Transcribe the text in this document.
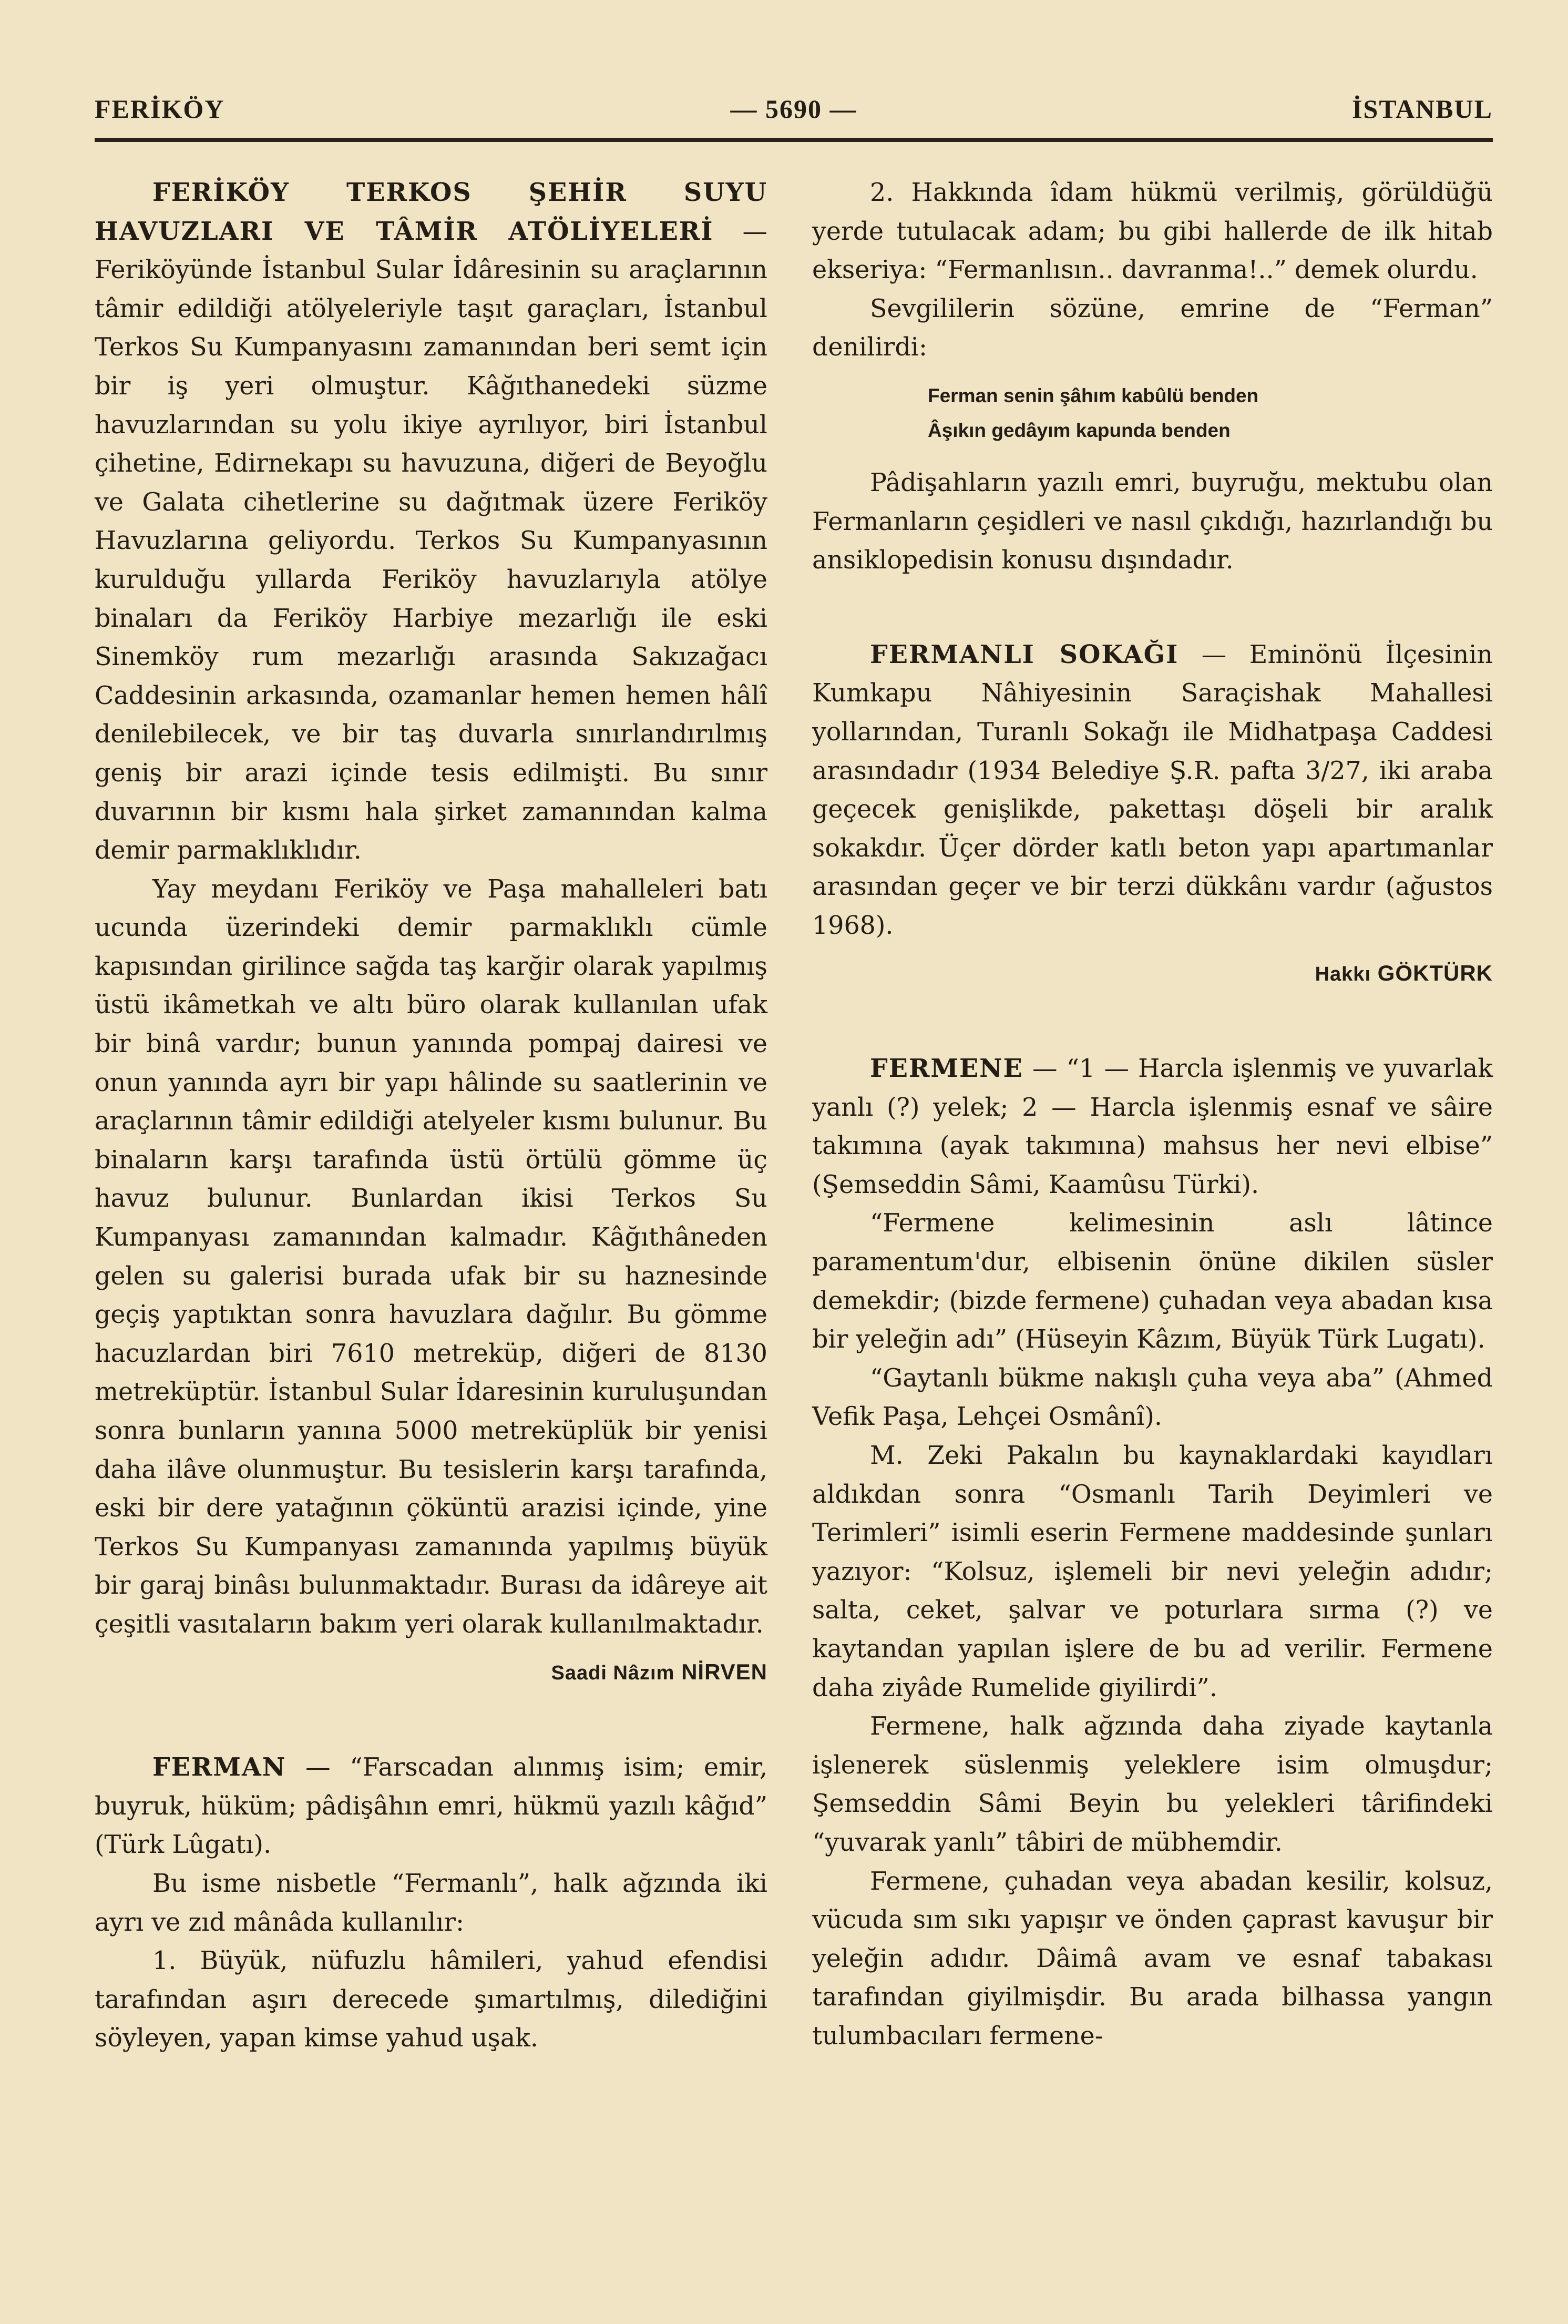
FERİKÖY	— 5690 —	İSTANBUL

FERİKÖY TERKOS ŞEHİR SUYU HAVUZLARI VE TÂMİR ATÖLİYELERİ — Feriköyünde İstanbul Sular İdâresinin su araçlarının tâmir edildiği atölyeleriyle taşıt garaçları, İstanbul Terkos Su Kumpanyasını zamanından beri semt için bir iş yeri olmuştur. Kâğıthanedeki süzme havuzlarından su yolu ikiye ayrılıyor, biri İstanbul çihetine, Edirnekapı su havuzuna, diğeri de Beyoğlu ve Galata cihetlerine su dağıtmak üzere Feriköy Havuzlarına geliyordu. Terkos Su Kumpanyasının kurulduğu yıllarda Feriköy havuzlarıyla atölye binaları da Feriköy Harbiye mezarlığı ile eski Sinemköy rum mezarlığı arasında Sakızağacı Caddesinin arkasında, ozamanlar hemen hemen hâlî denilebilecek, ve bir taş duvarla sınırlandırılmış geniş bir arazi içinde tesis edilmişti. Bu sınır duvarının bir kısmı hala şirket zamanından kalma demir parmaklıklıdır.

Yay meydanı Feriköy ve Paşa mahalleleri batı ucunda üzerindeki demir parmaklıklı cümle kapısından girilince sağda taş karğir olarak yapılmış üstü ikâmetkah ve altı büro olarak kullanılan ufak bir binâ vardır; bunun yanında pompaj dairesi ve onun yanında ayrı bir yapı hâlinde su saatlerinin ve araçlarının tâmir edildiği atelyeler kısmı bulunur. Bu binaların karşı tarafında üstü örtülü gömme üç havuz bulunur. Bunlardan ikisi Terkos Su Kumpanyası zamanından kalmadır. Kâğıthâneden gelen su galerisi burada ufak bir su haznesinde geçiş yaptıktan sonra havuzlara dağılır. Bu gömme hacuzlardan biri 7610 metreküp, diğeri de 8130 metreküptür. İstanbul Sular İdaresinin kuruluşundan sonra bunların yanına 5000 metreküplük bir yenisi daha ilâve olunmuştur. Bu tesislerin karşı tarafında, eski bir dere yatağının çöküntü arazisi içinde, yine Terkos Su Kumpanyası zamanında yapılmış büyük bir garaj binâsı bulunmaktadır. Burası da idâreye ait çeşitli vasıtaların bakım yeri olarak kullanılmaktadır.

Saadi Nâzım NİRVEN

FERMAN — “Farscadan alınmış isim; emir, buyruk, hüküm; pâdişâhın emri, hükmü yazılı kâğıd” (Türk Lûgatı).

Bu isme nisbetle “Fermanlı”, halk ağzında iki ayrı ve zıd mânâda kullanılır:

1. Büyük, nüfuzlu hâmileri, yahud efendisi tarafından aşırı derecede şımartılmış, dilediğini söyleyen, yapan kimse yahud uşak.

2. Hakkında îdam hükmü verilmiş, görüldüğü yerde tutulacak adam; bu gibi hallerde de ilk hitab ekseriya: “Fermanlısın.. davranma!..” demek olurdu.

Sevgililerin sözüne, emrine de “Ferman” denilirdi:

Ferman senin şâhım kabûlü benden
Âşıkın gedâyım kapunda benden

Pâdişahların yazılı emri, buyruğu, mektubu olan Fermanların çeşidleri ve nasıl çıkdığı, hazırlandığı bu ansiklopedisin konusu dışındadır.

FERMANLI SOKAĞI — Eminönü İlçesinin Kumkapu Nâhiyesinin Saraçishak Mahallesi yollarından, Turanlı Sokağı ile Midhatpaşa Caddesi arasındadır (1934 Belediye Ş.R. pafta 3/27, iki araba geçecek genişlikde, pakettaşı döşeli bir aralık sokakdır. Üçer dörder katlı beton yapı apartımanlar arasından geçer ve bir terzi dükkânı vardır (ağustos 1968).

Hakkı GÖKTÜRK

FERMENE — “1 — Harcla işlenmiş ve yuvarlak yanlı (?) yelek; 2 — Harcla işlenmiş esnaf ve sâire takımına (ayak takımına) mahsus her nevi elbise” (Şemseddin Sâmi, Kaamûsu Türki).

“Fermene kelimesinin aslı lâtince paramentum'dur, elbisenin önüne dikilen süsler demekdir; (bizde fermene) çuhadan veya abadan kısa bir yeleğin adı” (Hüseyin Kâzım, Büyük Türk Lugatı).

“Gaytanlı bükme nakışlı çuha veya aba” (Ahmed Vefik Paşa, Lehçei Osmânî).

M. Zeki Pakalın bu kaynaklardaki kayıdları aldıkdan sonra “Osmanlı Tarih Deyimleri ve Terimleri” isimli eserin Fermene maddesinde şunları yazıyor: “Kolsuz, işlemeli bir nevi yeleğin adıdır; salta, ceket, şalvar ve poturlara sırma (?) ve kaytandan yapılan işlere de bu ad verilir. Fermene daha ziyâde Rumelide giyilirdi”.

Fermene, halk ağzında daha ziyade kaytanla işlenerek süslenmiş yeleklere isim olmuşdur; Şemseddin Sâmi Beyin bu yelekleri târifindeki “yuvarak yanlı” tâbiri de mübhemdir.

Fermene, çuhadan veya abadan kesilir, kolsuz, vücuda sım sıkı yapışır ve önden çaprast kavuşur bir yeleğin adıdır. Dâimâ avam ve esnaf tabakası tarafından giyilmişdir. Bu arada bilhassa yangın tulumbacıları fermene-
